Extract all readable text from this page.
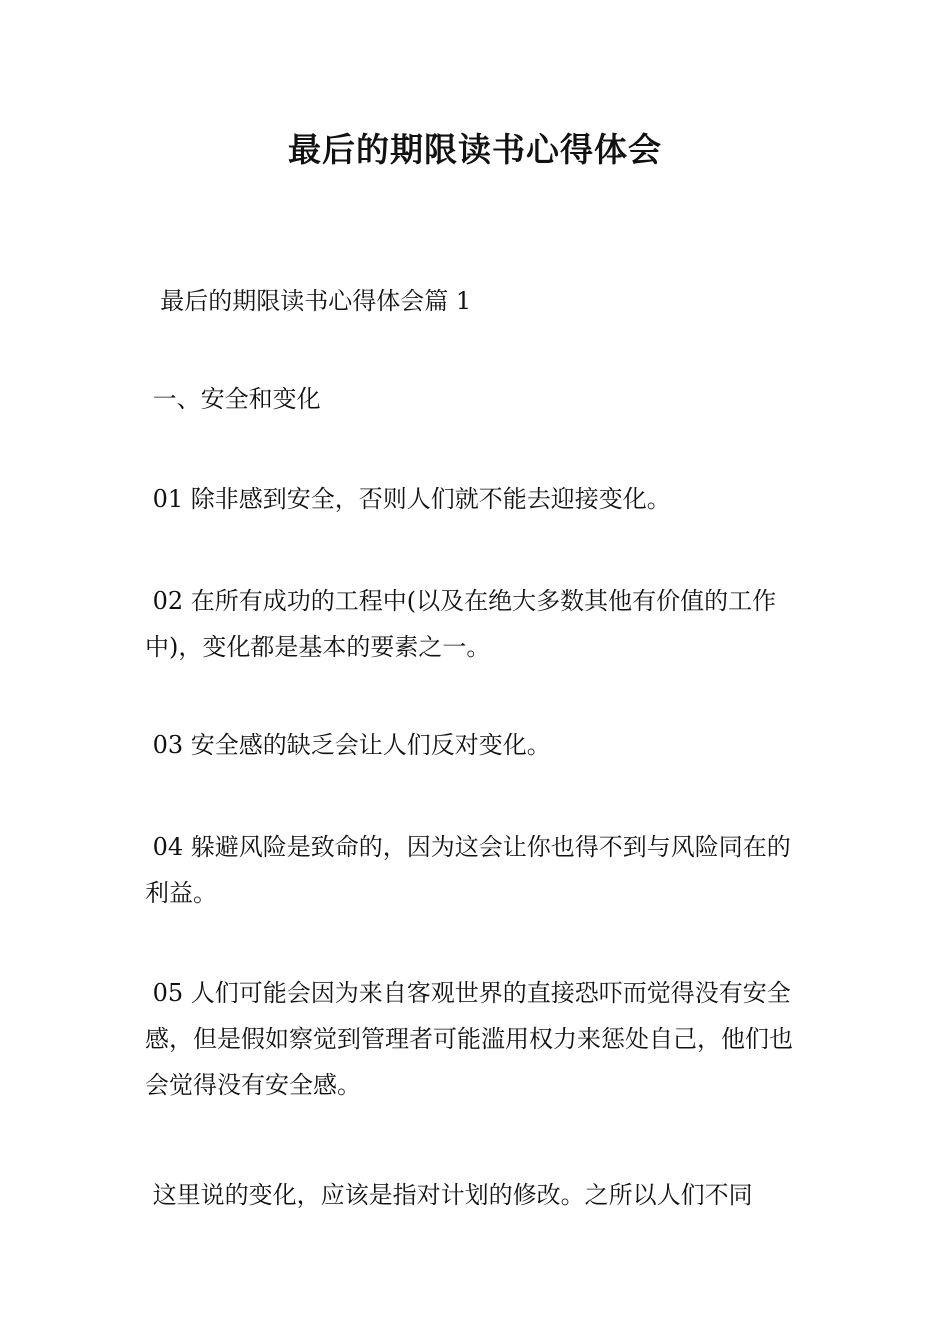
最后的期限读书心得体会

最后的期限读书心得体会篇 1

一、安全和变化

01 除非感到安全，否则人们就不能去迎接变化。

02 在所有成功的工程中(以及在绝大多数其他有价值的工作中)，变化都是基本的要素之一。

03 安全感的缺乏会让人们反对变化。

04 躲避风险是致命的，因为这会让你也得不到与风险同在的利益。

05 人们可能会因为来自客观世界的直接恐吓而觉得没有安全感，但是假如察觉到管理者可能滥用权力来惩处自己，他们也会觉得没有安全感。

这里说的变化，应该是指对计划的修改。之所以人们不同
